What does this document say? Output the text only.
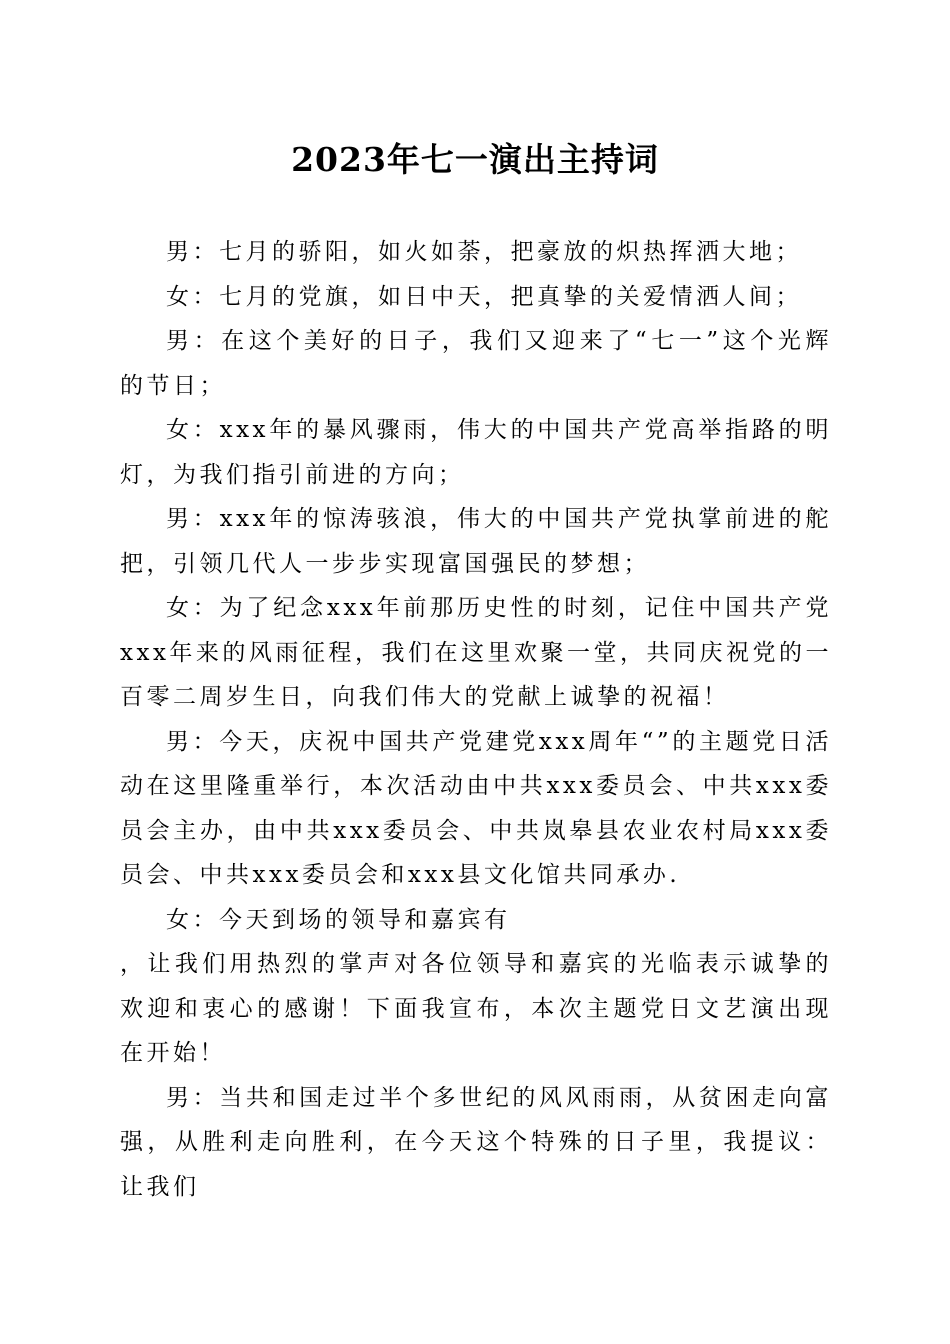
2023年七一演出主持词

男：七月的骄阳，如火如荼，把豪放的炽热挥洒大地；

女：七月的党旗，如日中天，把真挚的关爱情洒人间；

男：在这个美好的日子，我们又迎来了“七一”这个光辉的节日；

女：xxx年的暴风骤雨，伟大的中国共产党高举指路的明灯，为我们指引前进的方向；

男：xxx年的惊涛骇浪，伟大的中国共产党执掌前进的舵把，引领几代人一步步实现富国强民的梦想；

女：为了纪念xxx年前那历史性的时刻，记住中国共产党xxx年来的风雨征程，我们在这里欢聚一堂，共同庆祝党的一百零二周岁生日，向我们伟大的党献上诚挚的祝福！

男：今天，庆祝中国共产党建党xxx周年“”的主题党日活动在这里隆重举行，本次活动由中共xxx委员会、中共xxx委员会主办，由中共xxx委员会、中共岚皋县农业农村局xxx委员会、中共xxx委员会和xxx县文化馆共同承办.

女：今天到场的领导和嘉宾有

，让我们用热烈的掌声对各位领导和嘉宾的光临表示诚挚的欢迎和衷心的感谢！下面我宣布，本次主题党日文艺演出现在开始！

男：当共和国走过半个多世纪的风风雨雨，从贫困走向富强，从胜利走向胜利，在今天这个特殊的日子里，我提议：让我们
